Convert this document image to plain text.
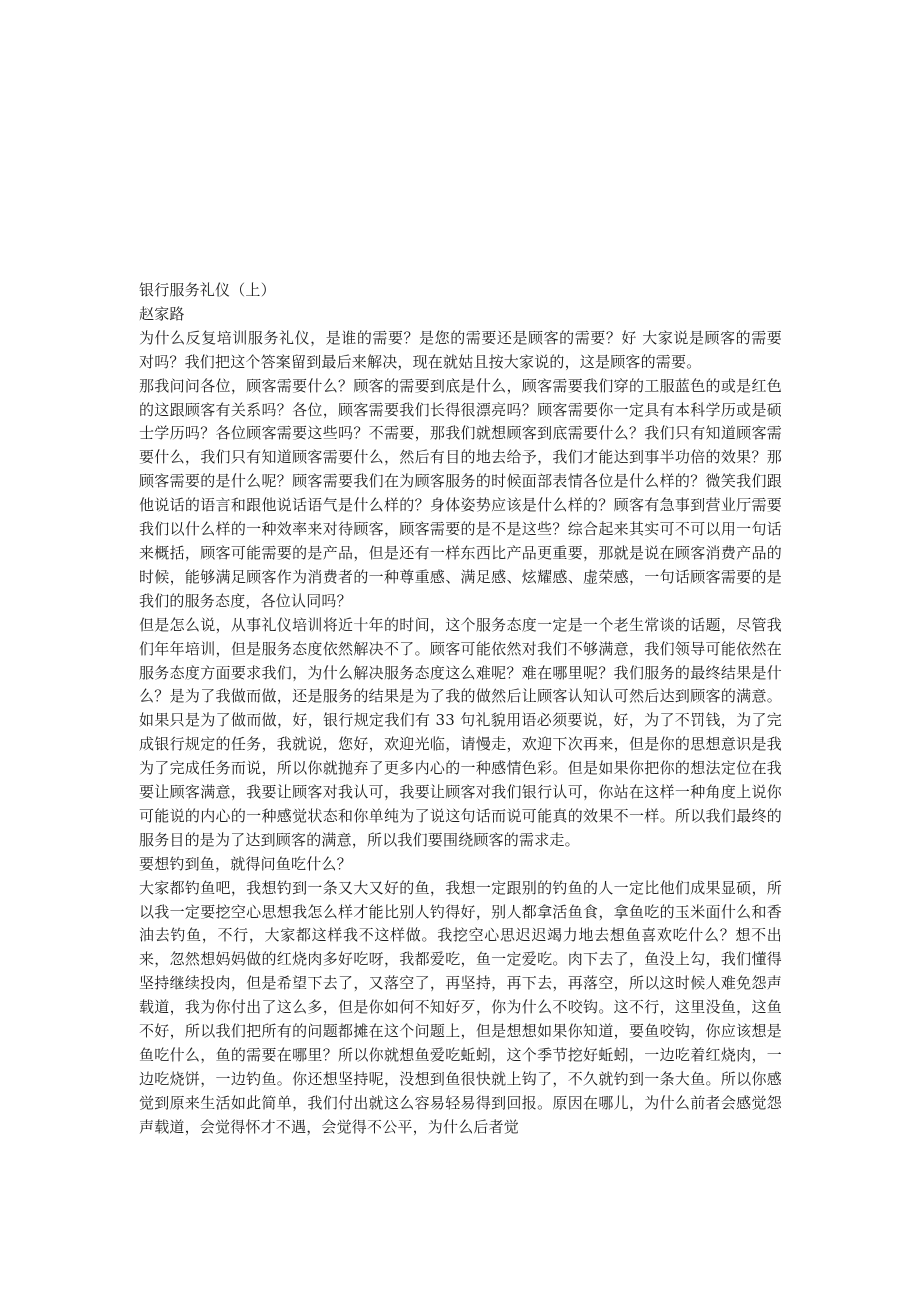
银行服务礼仪（上）

赵家路

为什么反复培训服务礼仪，是谁的需要？是您的需要还是顾客的需要？好 大家说是顾客的需要对吗？我们把这个答案留到最后来解决，现在就姑且按大家说的，这是顾客的需要。

那我问问各位，顾客需要什么？顾客的需要到底是什么，顾客需要我们穿的工服蓝色的或是红色的这跟顾客有关系吗？各位，顾客需要我们长得很漂亮吗？顾客需要你一定具有本科学历或是硕士学历吗？各位顾客需要这些吗？不需要，那我们就想顾客到底需要什么？我们只有知道顾客需要什么，我们只有知道顾客需要什么，然后有目的地去给予，我们才能达到事半功倍的效果？那顾客需要的是什么呢？顾客需要我们在为顾客服务的时候面部表情各位是什么样的？微笑我们跟 他说话的语言和跟他说话语气是什么样的？身体姿势应该是什么样的？顾客有急事到营业厅需要我们以什么样的一种效率来对待顾客，顾客需要的是不是这些？综合起来其实可不可以用一句话来概括，顾客可能需要的是产品，但是还有一样东西比产品更重要，那就是说在顾客消费产品的时候，能够满足顾客作为消费者的一种尊重感、满足感、炫耀感、虚荣感，一句话顾客需要的是我们的服务态度，各位认同吗？

但是怎么说，从事礼仪培训将近十年的时间，这个服务态度一定是一个老生常谈的话题，尽管我们年年培训，但是服务态度依然解决不了。顾客可能依然对我们不够满意，我们领导可能依然在服务态度方面要求我们，为什么解决服务态度这么难呢？难在哪里呢？我们服务的最终结果是什么？是为了我做而做，还是服务的结果是为了我的做然后让顾客认知认可然后达到顾客的满意。如果只是为了做而做，好，银行规定我们有 33 句礼貌用语必须要说，好，为了不罚钱，为了完成银行规定的任务，我就说，您好，欢迎光临，请慢走，欢迎下次再来，但是你的思想意识是我为了完成任务而说，所以你就抛弃了更多内心的一种感情色彩。但是如果你把你的想法定位在我要让顾客满意，我要让顾客对我认可，我要让顾客对我们银行认可，你站在这样一种角度上说你可能说的内心的一种感觉状态和你单纯为了说这句话而说可能真的效果不一样。所以我们最终的服务目的是为了达到顾客的满意，所以我们要围绕顾客的需求走。

要想钓到鱼，就得问鱼吃什么？

大家都钓鱼吧，我想钓到一条又大又好的鱼，我想一定跟别的钓鱼的人一定比他们成果显硕，所以我一定要挖空心思想我怎么样才能比别人钓得好，别人都拿活鱼食，拿鱼吃的玉米面什么和香油去钓鱼，不行，大家都这样我不这样做。我挖空心思迟迟竭力地去想鱼喜欢吃什么？想不出来，忽然想妈妈做的红烧肉多好吃呀，我都爱吃，鱼一定爱吃。肉下去了，鱼没上勾，我们懂得坚持继续投肉，但是希望下去了，又落空了，再坚持，再下去，再落空，所以这时候人难免怨声载道，我为你付出了这么多，但是你如何不知好歹，你为什么不咬钩。这不行，这里没鱼，这鱼不好，所以我们把所有的问题都摊在这个问题上，但是想想如果你知道，要鱼咬钩，你应该想是鱼吃什么，鱼的需要在哪里？所以你就想鱼爱吃蚯蚓，这个季节挖好蚯蚓，一边吃着红烧肉，一边吃烧饼，一边钓鱼。你还想坚持呢，没想到鱼很快就上钩了，不久就钓到一条大鱼。所以你感觉到原来生活如此简单，我们付出就这么容易轻易得到回报。原因在哪儿，为什么前者会感觉怨声载道，会觉得怀才不遇，会觉得不公平，为什么后者觉
